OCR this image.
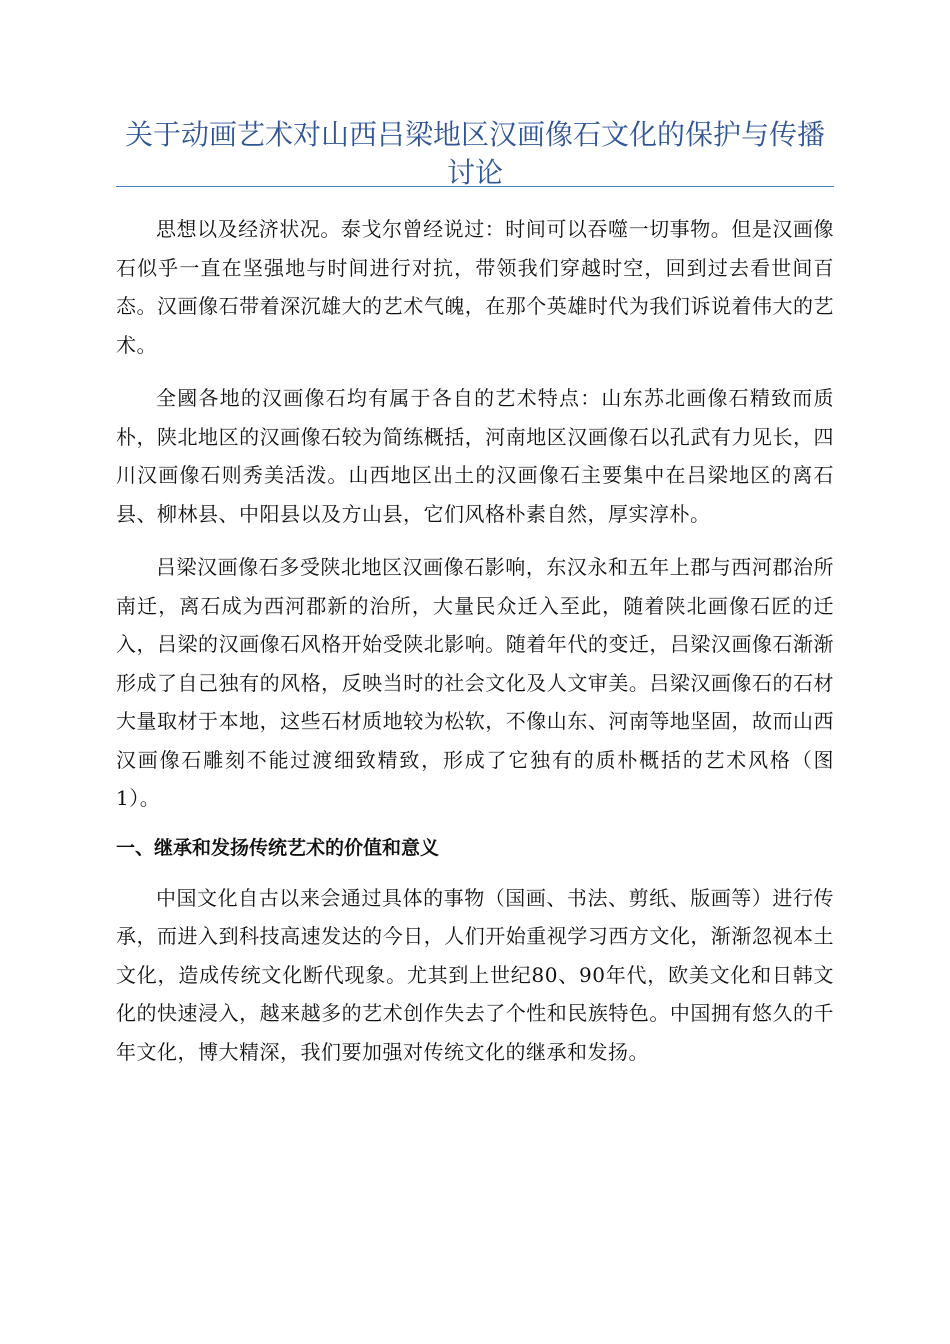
关于动画艺术对山西吕梁地区汉画像石文化的保护与传播讨论

思想以及经济状况。泰戈尔曾经说过：时间可以吞噬一切事物。但是汉画像石似乎一直在坚强地与时间进行对抗，带领我们穿越时空，回到过去看世间百态。汉画像石带着深沉雄大的艺术气魄，在那个英雄时代为我们诉说着伟大的艺术。

全國各地的汉画像石均有属于各自的艺术特点：山东苏北画像石精致而质朴，陕北地区的汉画像石较为简练概括，河南地区汉画像石以孔武有力见长，四川汉画像石则秀美活泼。山西地区出土的汉画像石主要集中在吕梁地区的离石县、柳林县、中阳县以及方山县，它们风格朴素自然，厚实淳朴。

吕梁汉画像石多受陕北地区汉画像石影响，东汉永和五年上郡与西河郡治所南迁，离石成为西河郡新的治所，大量民众迁入至此，随着陕北画像石匠的迁入，吕梁的汉画像石风格开始受陕北影响。随着年代的变迁，吕梁汉画像石渐渐形成了自己独有的风格，反映当时的社会文化及人文审美。吕梁汉画像石的石材大量取材于本地，这些石材质地较为松软，不像山东、河南等地坚固，故而山西汉画像石雕刻不能过渡细致精致，形成了它独有的质朴概括的艺术风格（图1）。

一、继承和发扬传统艺术的价值和意义

中国文化自古以来会通过具体的事物（国画、书法、剪纸、版画等）进行传承，而进入到科技高速发达的今日，人们开始重视学习西方文化，渐渐忽视本土文化，造成传统文化断代现象。尤其到上世纪80、90年代，欧美文化和日韩文化的快速浸入，越来越多的艺术创作失去了个性和民族特色。中国拥有悠久的千年文化，博大精深，我们要加强对传统文化的继承和发扬。
